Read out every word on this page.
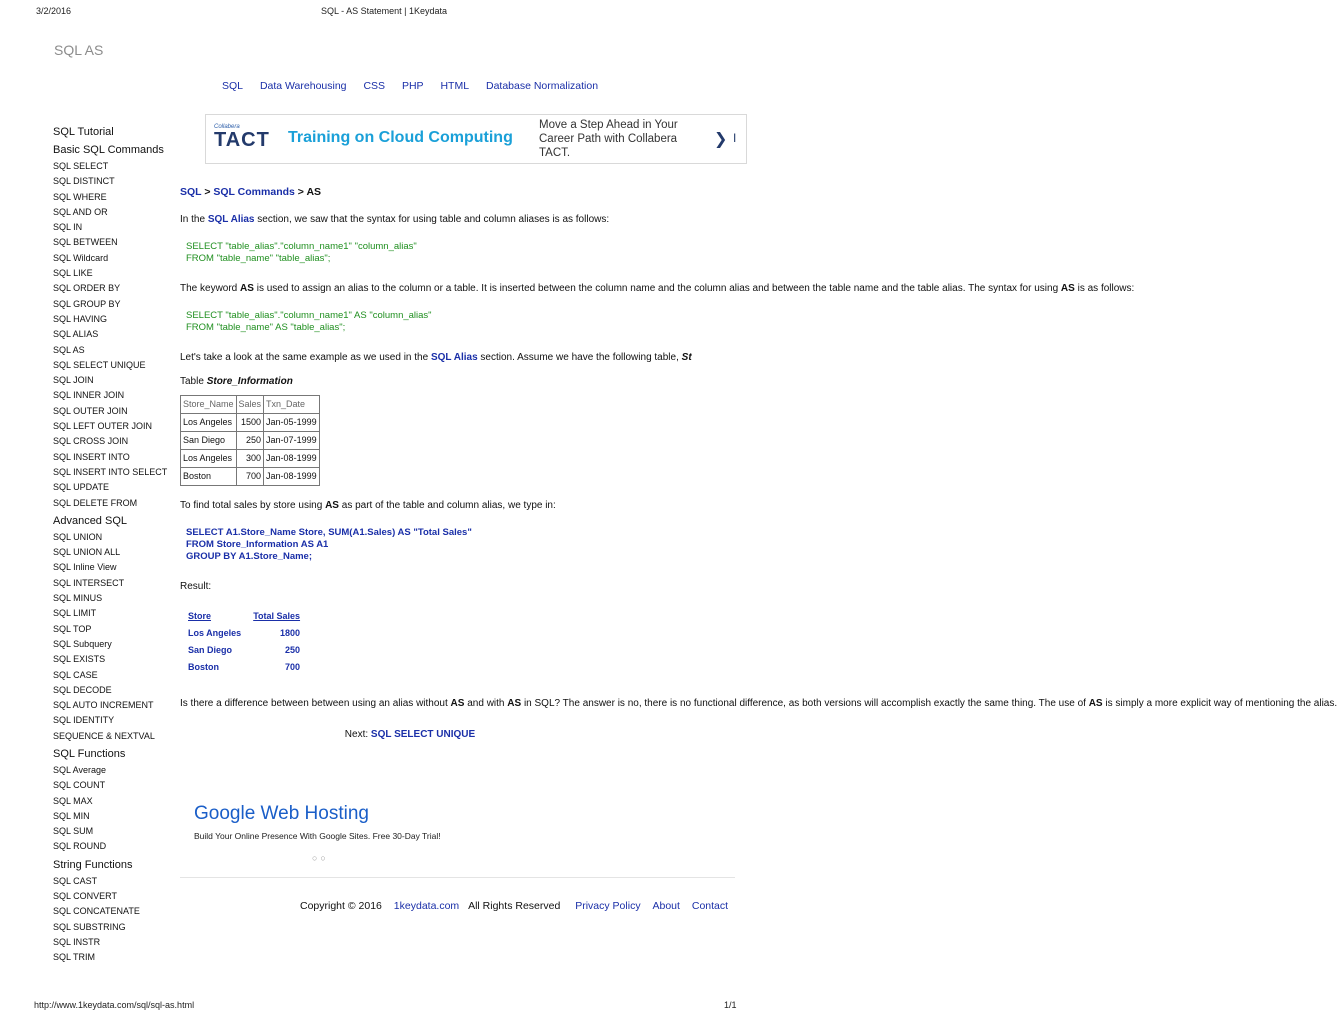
3/2/2016	SQL - AS Statement | 1Keydata
SQL AS
SQL Data Warehousing CSS PHP HTML Database Normalization
SQL Tutorial
Basic SQL Commands
SQL SELECT
SQL DISTINCT
SQL WHERE
SQL AND OR
SQL IN
SQL BETWEEN
SQL Wildcard
SQL LIKE
SQL ORDER BY
SQL GROUP BY
SQL HAVING
SQL ALIAS
SQL AS
SQL SELECT UNIQUE
SQL JOIN
SQL INNER JOIN
SQL OUTER JOIN
SQL LEFT OUTER JOIN
SQL CROSS JOIN
SQL INSERT INTO
SQL INSERT INTO SELECT
SQL UPDATE
SQL DELETE FROM
Advanced SQL
SQL UNION
SQL UNION ALL
SQL Inline View
SQL INTERSECT
SQL MINUS
SQL LIMIT
SQL TOP
SQL Subquery
SQL EXISTS
SQL CASE
SQL DECODE
SQL AUTO INCREMENT
SQL IDENTITY
SEQUENCE & NEXTVAL
SQL Functions
SQL Average
SQL COUNT
SQL MAX
SQL MIN
SQL SUM
SQL ROUND
String Functions
SQL CAST
SQL CONVERT
SQL CONCATENATE
SQL SUBSTRING
SQL INSTR
SQL TRIM
Collabera
TACT Training on Cloud Computing
Move a Step Ahead in Your Career Path with Collabera TACT.
❯ I
SQL > SQL Commands > AS
In the SQL Alias section, we saw that the syntax for using table and column aliases is as follows:
SELECT "table_alias"."column_name1" "column_alias"
FROM "table_name" "table_alias";
The keyword AS is used to assign an alias to the column or a table. It is inserted between the column name and the column alias and between the table name and the table alias. The syntax for using AS is as follows:
SELECT "table_alias"."column_name1" AS "column_alias"
FROM "table_name" AS "table_alias";
Let's take a look at the same example as we used in the SQL Alias section. Assume we have the following table, St
Table Store_Information
Store_Name	Sales	Txn_Date
Los Angeles	1500	Jan-05-1999
San Diego	250	Jan-07-1999
Los Angeles	300	Jan-08-1999
Boston	700	Jan-08-1999
To find total sales by store using AS as part of the table and column alias, we type in:
SELECT A1.Store_Name Store, SUM(A1.Sales) AS "Total Sales"
FROM Store_Information AS A1
GROUP BY A1.Store_Name;
Result:
Store	Total Sales
Los Angeles	1800
San Diego	250
Boston	700
Is there a difference between between using an alias without AS and with AS in SQL? The answer is no, there is no functional difference, as both versions will accomplish exactly the same thing. The use of AS is simply a more explicit way of mentioning the alias.
Next: SQL SELECT UNIQUE
Google Web Hosting
Build Your Online Presence With Google Sites. Free 30-Day Trial!
○○
Copyright © 2016 1keydata.com All Rights Reserved Privacy Policy About Contact
http://www.1keydata.com/sql/sql-as.html	1/1
